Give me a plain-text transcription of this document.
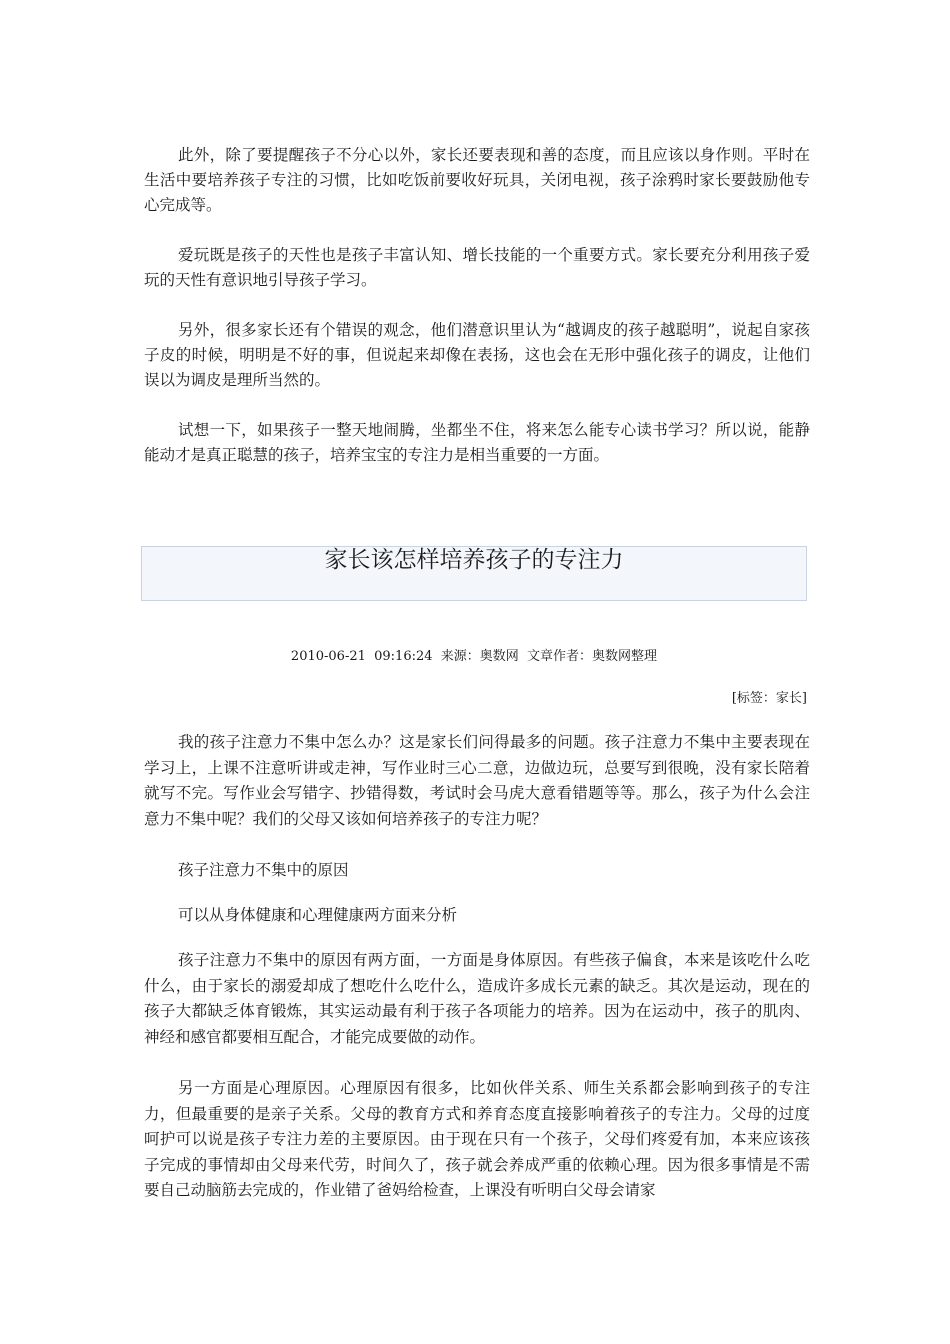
此外，除了要提醒孩子不分心以外，家长还要表现和善的态度，而且应该以身作则。平时在生活中要培养孩子专注的习惯，比如吃饭前要收好玩具，关闭电视，孩子涂鸦时家长要鼓励他专心完成等。

爱玩既是孩子的天性也是孩子丰富认知、增长技能的一个重要方式。家长要充分利用孩子爱玩的天性有意识地引导孩子学习。

另外，很多家长还有个错误的观念，他们潜意识里认为“越调皮的孩子越聪明”，说起自家孩子皮的时候，明明是不好的事，但说起来却像在表扬，这也会在无形中强化孩子的调皮，让他们误以为调皮是理所当然的。

试想一下，如果孩子一整天地闹腾，坐都坐不住，将来怎么能专心读书学习？所以说，能静能动才是真正聪慧的孩子，培养宝宝的专注力是相当重要的一方面。

家长该怎样培养孩子的专注力
2010-06-21  09:16:24  来源：奥数网  文章作者：奥数网整理
[标签：家长]

我的孩子注意力不集中怎么办？这是家长们问得最多的问题。孩子注意力不集中主要表现在学习上，上课不注意听讲或走神，写作业时三心二意，边做边玩，总要写到很晚，没有家长陪着就写不完。写作业会写错字、抄错得数，考试时会马虎大意看错题等等。那么，孩子为什么会注意力不集中呢？我们的父母又该如何培养孩子的专注力呢？

孩子注意力不集中的原因

可以从身体健康和心理健康两方面来分析

孩子注意力不集中的原因有两方面，一方面是身体原因。有些孩子偏食，本来是该吃什么吃什么，由于家长的溺爱却成了想吃什么吃什么，造成许多成长元素的缺乏。其次是运动，现在的孩子大都缺乏体育锻炼，其实运动最有利于孩子各项能力的培养。因为在运动中，孩子的肌肉、神经和感官都要相互配合，才能完成要做的动作。

另一方面是心理原因。心理原因有很多，比如伙伴关系、师生关系都会影响到孩子的专注力，但最重要的是亲子关系。父母的教育方式和养育态度直接影响着孩子的专注力。父母的过度呵护可以说是孩子专注力差的主要原因。由于现在只有一个孩子，父母们疼爱有加，本来应该孩子完成的事情却由父母来代劳，时间久了，孩子就会养成严重的依赖心理。因为很多事情是不需要自己动脑筋去完成的，作业错了爸妈给检查，上课没有听明白父母会请家
